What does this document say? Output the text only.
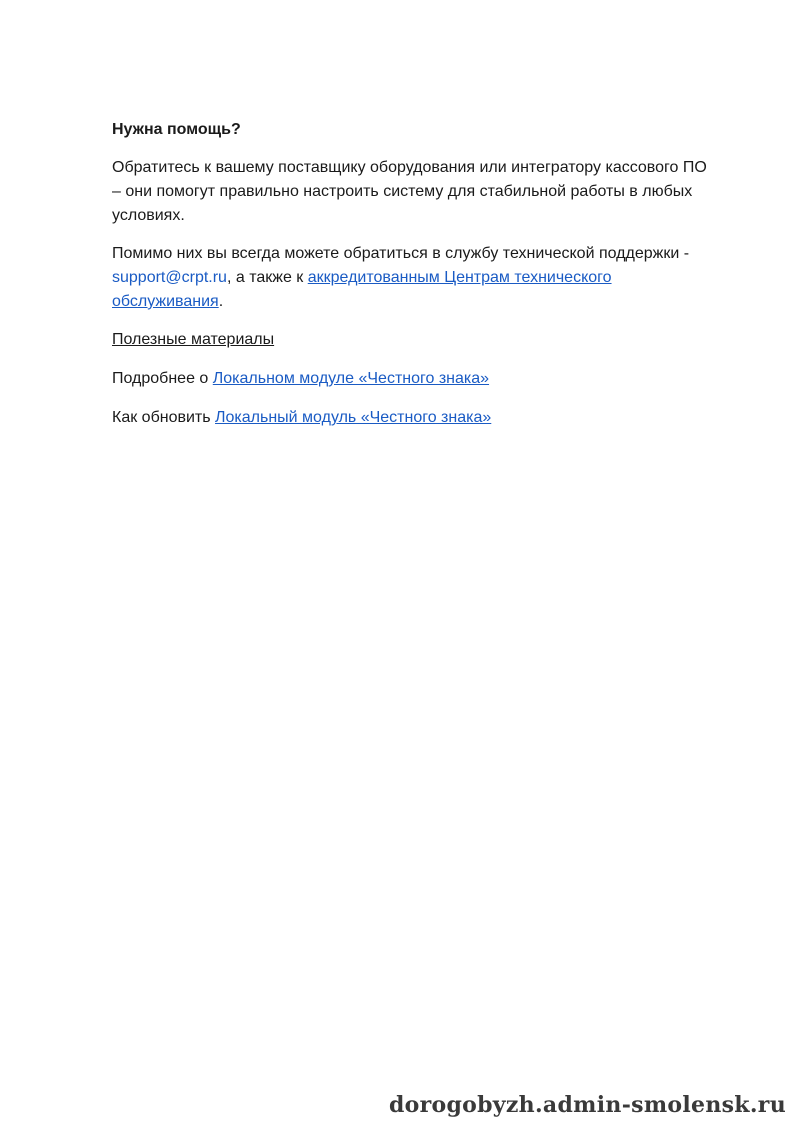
Нужна помощь?

Обратитесь к вашему поставщику оборудования или интегратору кассового ПО – они помогут правильно настроить систему для стабильной работы в любых условиях.

Помимо них вы всегда можете обратиться в службу технической поддержки - support@crpt.ru, а также к аккредитованным Центрам технического обслуживания.

Полезные материалы

Подробнее о Локальном модуле «Честного знака»

Как обновить Локальный модуль «Честного знака»

dorogobyzh.admin-smolensk.ru
